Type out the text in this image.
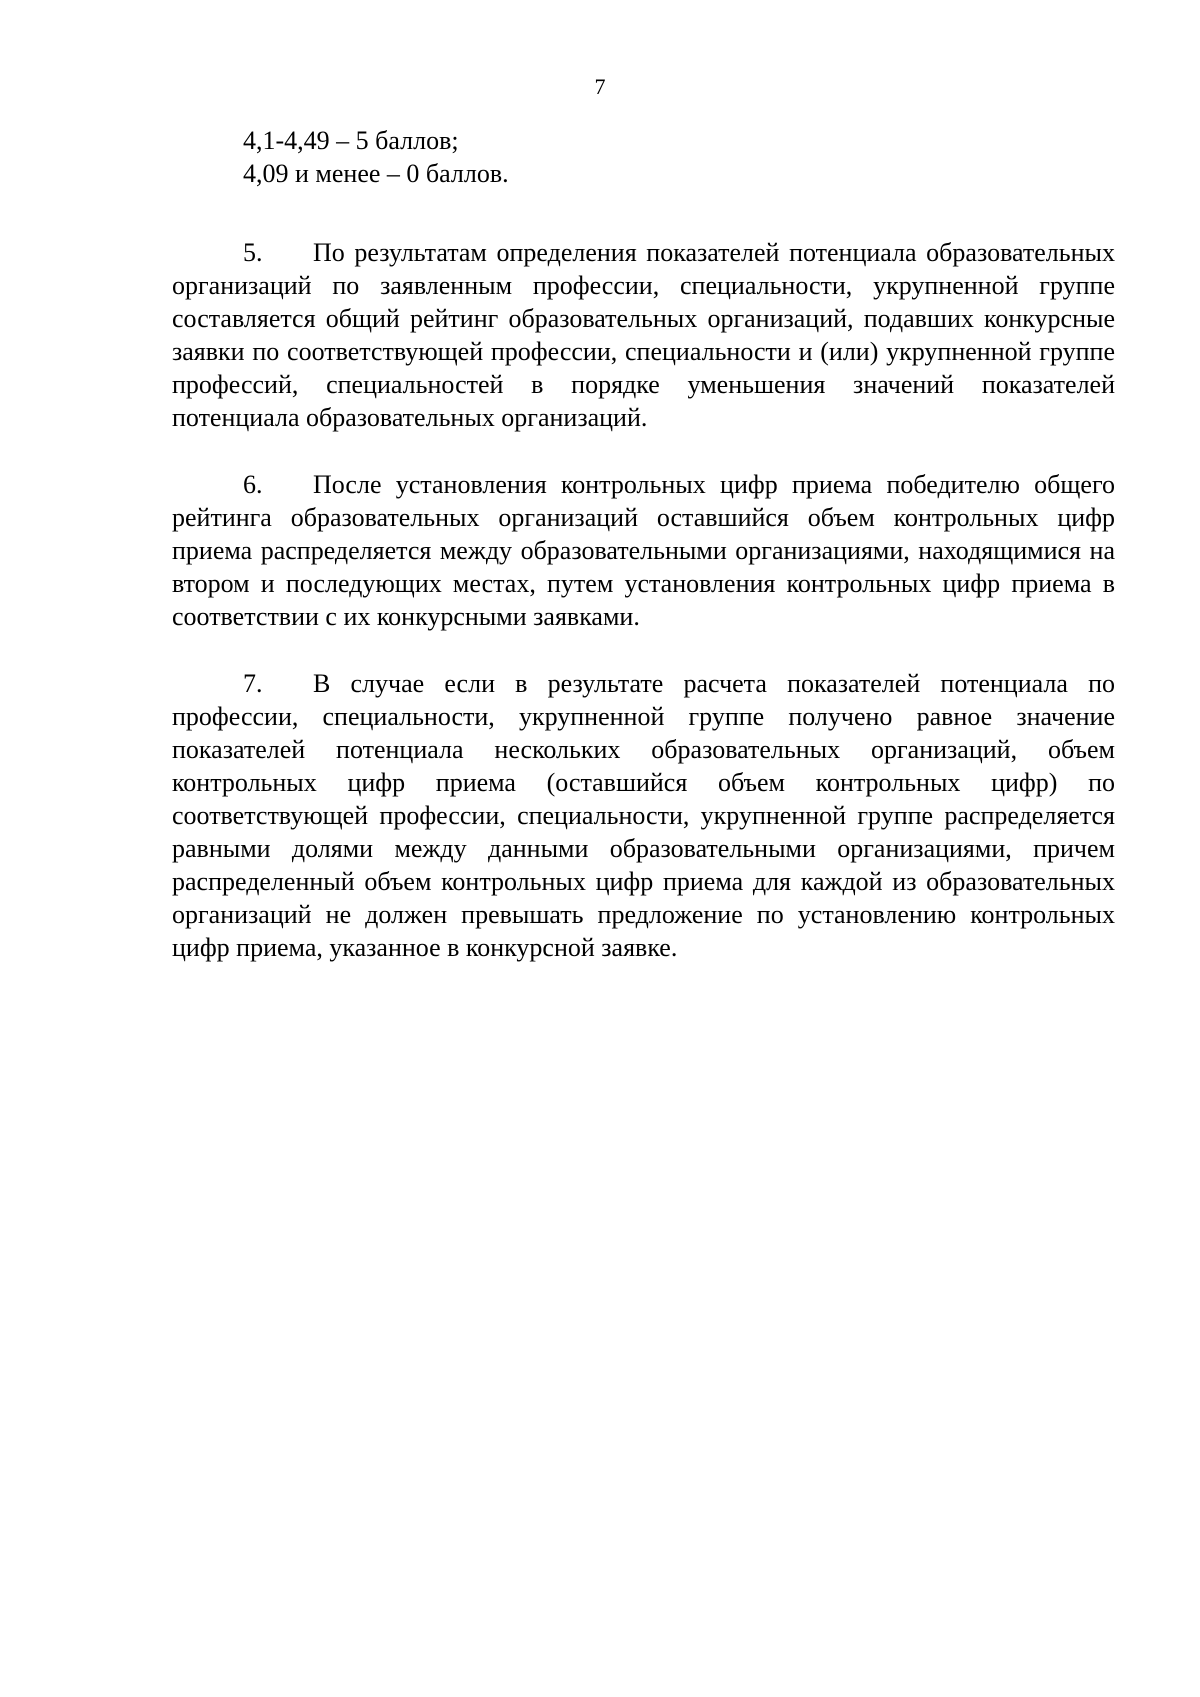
7

4,1-4,49 – 5 баллов;

4,09 и менее – 0 баллов.

5. По результатам определения показателей потенциала образовательных организаций по заявленным профессии, специальности, укрупненной группе составляется общий рейтинг образовательных организаций, подавших конкурсные заявки по соответствующей профессии, специальности и (или) укрупненной группе профессий, специальностей в порядке уменьшения значений показателей потенциала образовательных организаций.

6. После установления контрольных цифр приема победителю общего рейтинга образовательных организаций оставшийся объем контрольных цифр приема распределяется между образовательными организациями, находящимися на втором и последующих местах, путем установления контрольных цифр приема в соответствии с их конкурсными заявками.

7. В случае если в результате расчета показателей потенциала по профессии, специальности, укрупненной группе получено равное значение показателей потенциала нескольких образовательных организаций, объем контрольных цифр приема (оставшийся объем контрольных цифр) по соответствующей профессии, специальности, укрупненной группе распределяется равными долями между данными образовательными организациями, причем распределенный объем контрольных цифр приема для каждой из образовательных организаций не должен превышать предложение по установлению контрольных цифр приема, указанное в конкурсной заявке.
